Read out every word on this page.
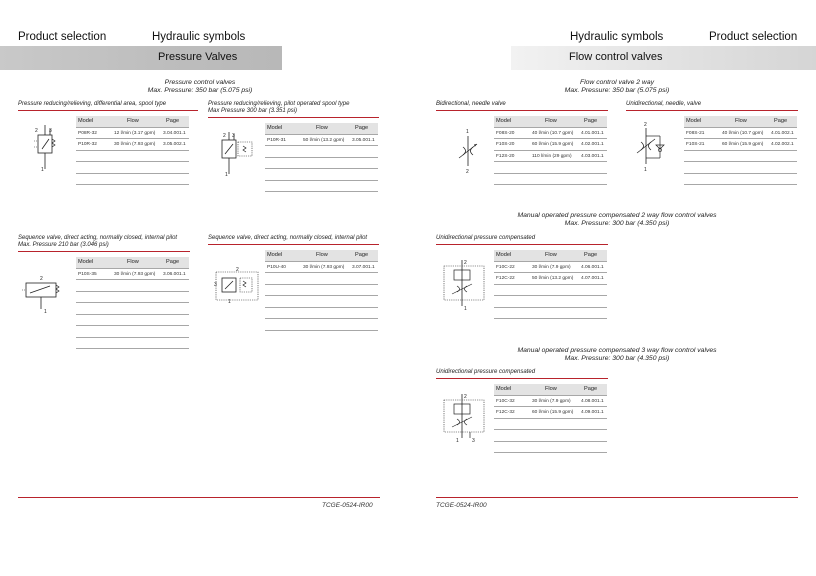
Product selection	Hydraulic symbols
Pressure Valves
Pressure control valves
Max. Pressure: 350 bar (5.075 psi)
Pressure reducing/relieving, differential area, spool type
2 3
1
Model	Flow	Page
P08R-32	12 l/min (3.17 gpm) 3.04.001.1
P10R-32	30 l/min (7.93 gpm) 3.05.002.1
Pressure reducing/relieving, pilot operated spool type
Max Pressure 300 bar (3.351 psi)
2 3
1
Model	Flow	Page
P10R-31	50 l/min (13.2 gpm) 3.05.001.1
Sequence valve, direct acting, normally closed, internal pilot
Max. Pressure 210 bar (3.046 psi)
2
1
Model	Flow	Page
P10S-35	30 l/min (7.93 gpm) 3.06.001.1
Sequence valve, direct acting, normally closed, internal pilot
3
2
1
Model	Flow	Page
P10U-40	30 l/min (7.93 gpm) 3.07.001.1
TCGE-0524-IR00
Hydraulic symbols	Product selection
Flow control valves
Flow control valve 2 way
Max. Pressure: 350 bar (5.075 psi)
Bidirectional, needle valve
1
2
Model	Flow	Page
F08S-20	40 l/min (10.7 gpm) 4.01.001.1
F10S-20	60 l/min (15.9 gpm) 4.02.001.1
F12S-20	110 l/min (29 gpm) 4.03.001.1
Unidirectional, needle, valve
2
1
Model	Flow	Page
F08S-21	40 l/min (10.7 gpm) 4.01.002.1
F10S-21	60 l/min (15.9 gpm) 4.02.002.1
Manual operated pressure compensated 2 way flow control valves
Max. Pressure: 300 bar (4.350 psi)
Unidirectional pressure compensated
2
1
Model	Flow	Page
F10C-22	30 l/min (7.9 gpm) 4.06.001.1
F12C-22	50 l/min (13.2 gpm) 4.07.001.1
Manual operated pressure compensated 3 way flow control valves
Max. Pressure: 300 bar (4.350 psi)
Unidirectional pressure compensated
2
3
1
Model	Flow	Page
F10C-32	30 l/min (7.9 gpm) 4.08.001.1
F12C-32	60 l/min (15.9 gpm) 4.09.001.1
TCGE-0524-IR00
